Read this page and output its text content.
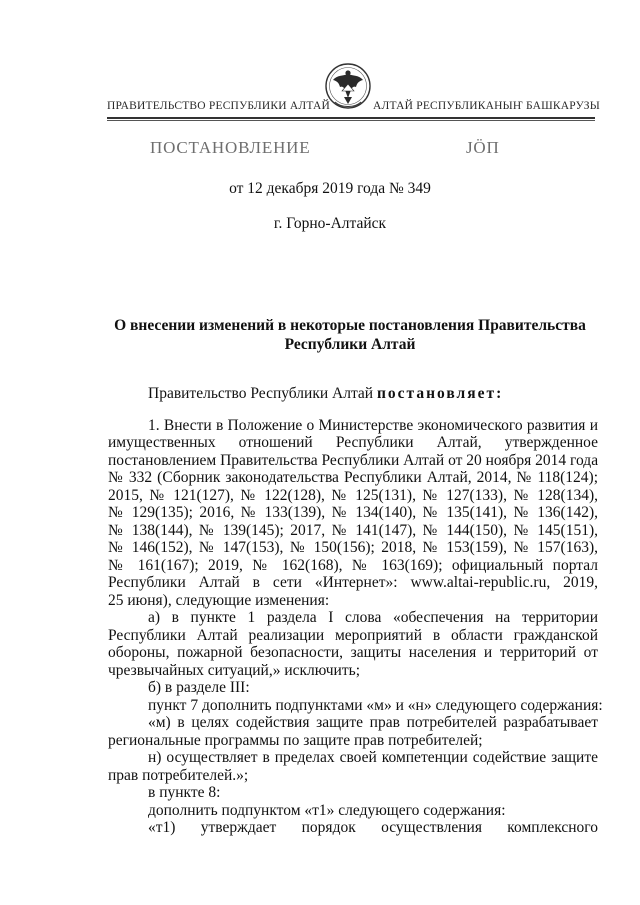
ПРАВИТЕЛЬСТВО РЕСПУБЛИКИ АЛТАЙ	АЛТАЙ РЕСПУБЛИКАНЫҤ БАШКАРУЗЫ
ПОСТАНОВЛЕНИЕ	ЈӦП
от 12 декабря 2019 года № 349
г. Горно-Алтайск
О внесении изменений в некоторые постановления Правительства
Республики Алтай

Правительство Республики Алтай постановляет:

1. Внести в Положение о Министерстве экономического развития и
имущественных отношений Республики Алтай, утвержденное
постановлением Правительства Республики Алтай от 20 ноября 2014 года
№ 332 (Сборник законодательства Республики Алтай, 2014, № 118(124);
2015, № 121(127), № 122(128), № 125(131), № 127(133), № 128(134),
№ 129(135); 2016, № 133(139), № 134(140), № 135(141), № 136(142),
№ 138(144), № 139(145); 2017, № 141(147), № 144(150), № 145(151),
№ 146(152), № 147(153), № 150(156); 2018, № 153(159), № 157(163),
№ 161(167); 2019, № 162(168), № 163(169); официальный портал
Республики Алтай в сети «Интернет»: www.altai-republic.ru, 2019,
25 июня), следующие изменения:
а) в пункте 1 раздела I слова «обеспечения на территории
Республики Алтай реализации мероприятий в области гражданской
обороны, пожарной безопасности, защиты населения и территорий от
чрезвычайных ситуаций,» исключить;
б) в разделе III:
пункт 7 дополнить подпунктами «м» и «н» следующего содержания:
«м) в целях содействия защите прав потребителей разрабатывает
региональные программы по защите прав потребителей;
н) осуществляет в пределах своей компетенции содействие защите
прав потребителей.»;
в пункте 8:
дополнить подпунктом «т1» следующего содержания:
«т1) утверждает порядок осуществления комплексного
